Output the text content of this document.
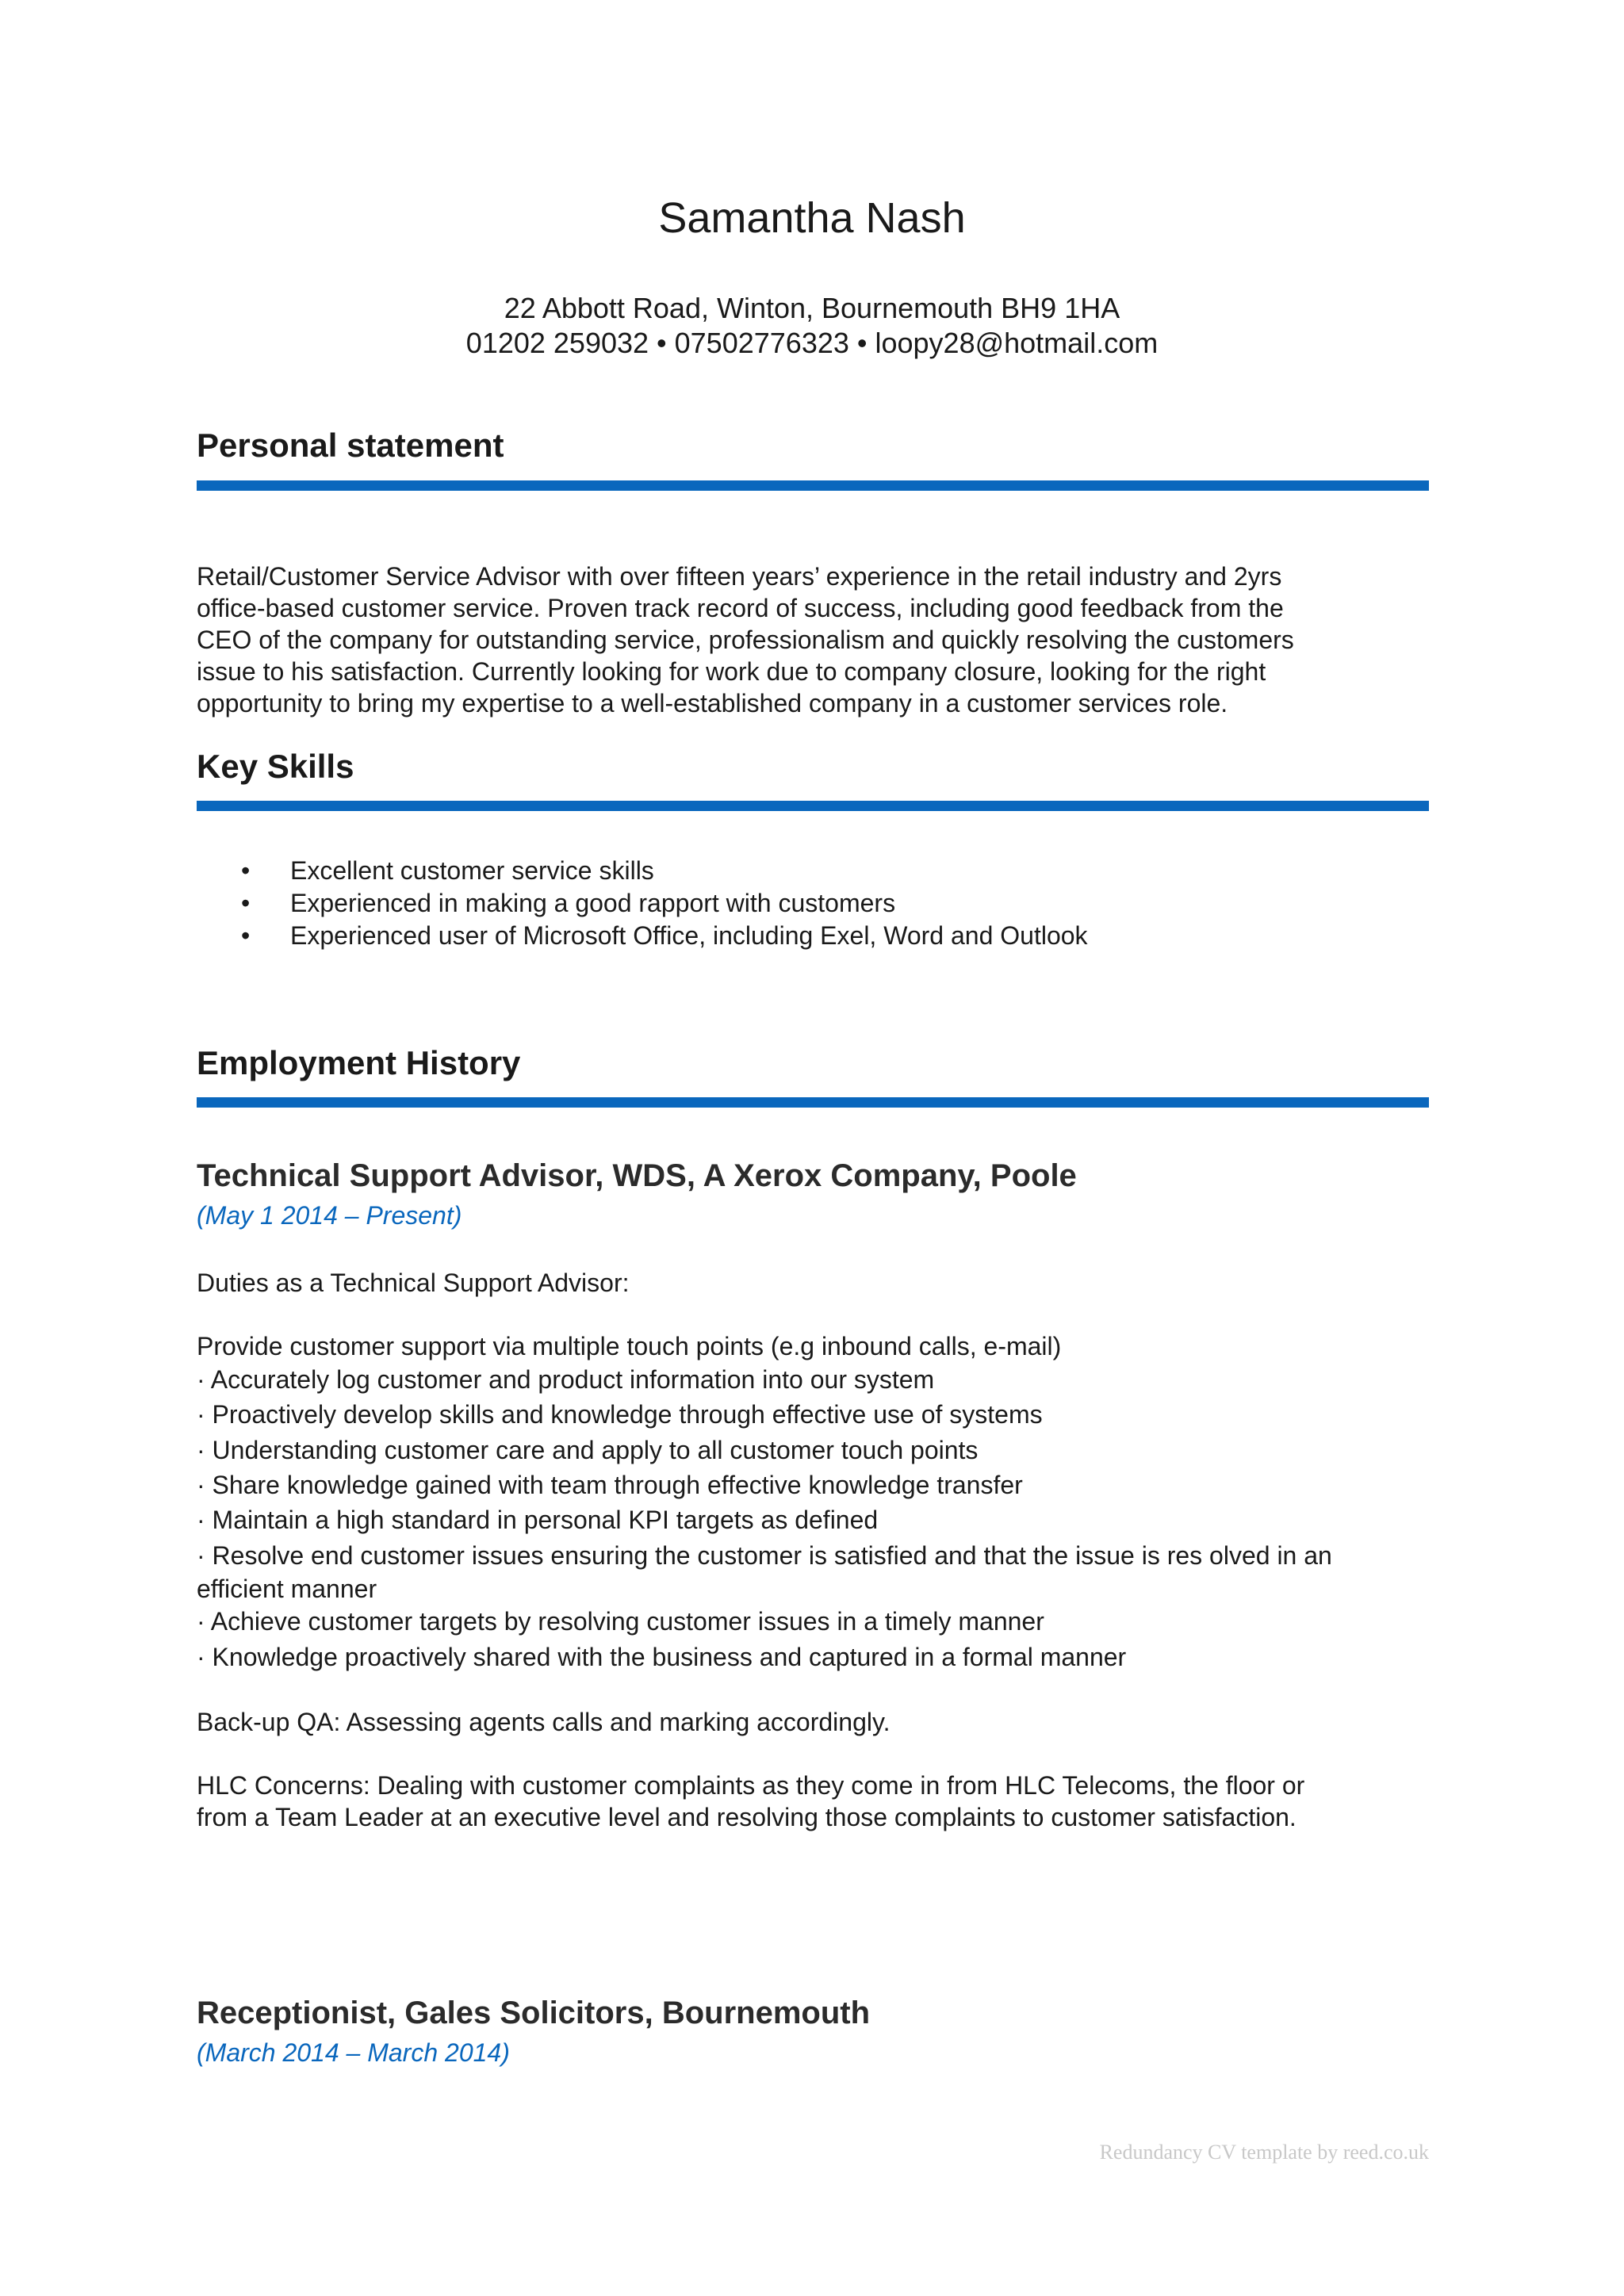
Samantha Nash
22 Abbott Road, Winton, Bournemouth BH9 1HA
01202 259032 • 07502776323 • loopy28@hotmail.com
Personal statement
Retail/Customer Service Advisor with over fifteen years’ experience in the retail industry and 2yrs
office-based customer service. Proven track record of success, including good feedback from the
CEO of the company for outstanding service, professionalism and quickly resolving the customers
issue to his satisfaction. Currently looking for work due to company closure, looking for the right
opportunity to bring my expertise to a well-established company in a customer services role.
Key Skills
• Excellent customer service skills
• Experienced in making a good rapport with customers
• Experienced user of Microsoft Office, including Exel, Word and Outlook
Employment History
Technical Support Advisor, WDS, A Xerox Company, Poole
(May 1 2014 – Present)
Duties as a Technical Support Advisor:
Provide customer support via multiple touch points (e.g inbound calls, e-mail)
· Accurately log customer and product information into our system
· Proactively develop skills and knowledge through effective use of systems
· Understanding customer care and apply to all customer touch points
· Share knowledge gained with team through effective knowledge transfer
· Maintain a high standard in personal KPI targets as defined
· Resolve end customer issues ensuring the customer is satisfied and that the issue is res olved in an
efficient manner
· Achieve customer targets by resolving customer issues in a timely manner
· Knowledge proactively shared with the business and captured in a formal manner
Back-up QA: Assessing agents calls and marking accordingly.
HLC Concerns: Dealing with customer complaints as they come in from HLC Telecoms, the floor or
from a Team Leader at an executive level and resolving those complaints to customer satisfaction.
Receptionist, Gales Solicitors, Bournemouth
(March 2014 – March 2014)
Redundancy CV template by reed.co.uk
